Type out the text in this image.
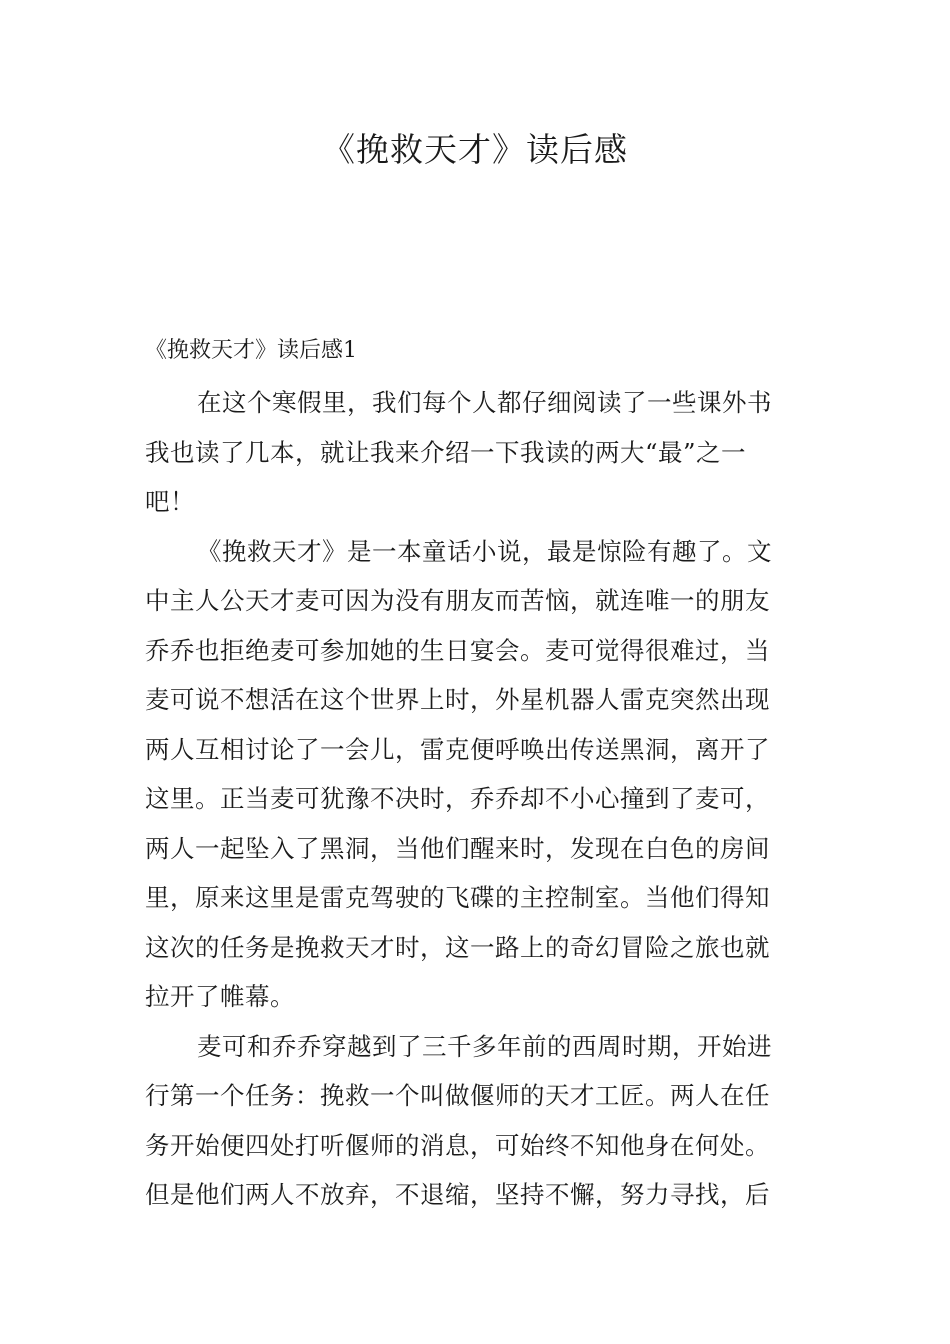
《挽救天才》读后感
《挽救天才》读后感1

在这个寒假里，我们每个人都仔细阅读了一些课外书
我也读了几本，就让我来介绍一下我读的两大“最”之一
吧！

《挽救天才》是一本童话小说，最是惊险有趣了。文
中主人公天才麦可因为没有朋友而苦恼，就连唯一的朋友
乔乔也拒绝麦可参加她的生日宴会。麦可觉得很难过，当
麦可说不想活在这个世界上时，外星机器人雷克突然出现
两人互相讨论了一会儿，雷克便呼唤出传送黑洞，离开了
这里。正当麦可犹豫不决时，乔乔却不小心撞到了麦可，
两人一起坠入了黑洞，当他们醒来时，发现在白色的房间
里，原来这里是雷克驾驶的飞碟的主控制室。当他们得知
这次的任务是挽救天才时，这一路上的奇幻冒险之旅也就
拉开了帷幕。

麦可和乔乔穿越到了三千多年前的西周时期，开始进
行第一个任务：挽救一个叫做偃师的天才工匠。两人在任
务开始便四处打听偃师的消息，可始终不知他身在何处。
但是他们两人不放弃，不退缩，坚持不懈，努力寻找，后
